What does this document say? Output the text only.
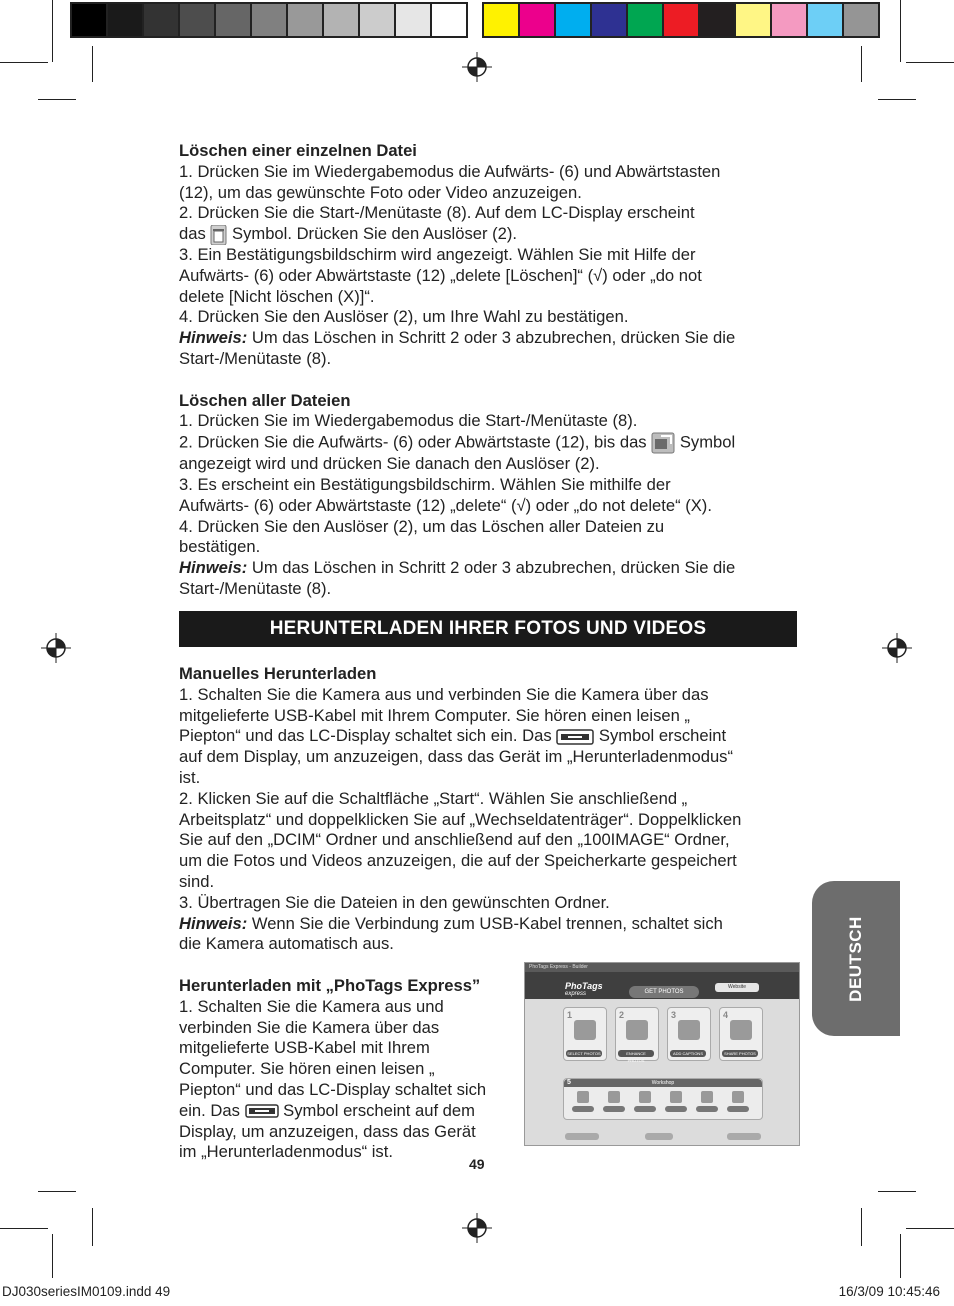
Löschen einer einzelnen Datei

1. Drücken Sie im Wiedergabemodus die Aufwärts- (6) und Abwärtstasten

(12), um das gewünschte Foto oder Video anzuzeigen.

2. Drücken Sie die Start-/Menütaste (8). Auf dem LC-Display erscheint

das Symbol. Drücken Sie den Auslöser (2).

3. Ein Bestätigungsbildschirm wird angezeigt. Wählen Sie mit Hilfe der

Aufwärts- (6) oder Abwärtstaste (12) „delete [Löschen]“ (√) oder „do not

delete [Nicht löschen (X)]“.

4. Drücken Sie den Auslöser (2), um Ihre Wahl zu bestätigen.

Hinweis: Um das Löschen in Schritt 2 oder 3 abzubrechen, drücken Sie die

Start-/Menütaste (8).

Löschen aller Dateien

1. Drücken Sie im Wiedergabemodus die Start-/Menütaste (8).

2. Drücken Sie die Aufwärts- (6) oder Abwärtstaste (12), bis das Symbol

angezeigt wird und drücken Sie danach den Auslöser (2).

3. Es erscheint ein Bestätigungsbildschirm. Wählen Sie mithilfe der

Aufwärts- (6) oder Abwärtstaste (12) „delete“ (√) oder „do not delete“ (X).

4. Drücken Sie den Auslöser (2), um das Löschen aller Dateien zu

bestätigen.

Hinweis: Um das Löschen in Schritt 2 oder 3 abzubrechen, drücken Sie die

Start-/Menütaste (8).

HERUNTERLADEN IHRER FOTOS UND VIDEOS
Manuelles Herunterladen

1. Schalten Sie die Kamera aus und verbinden Sie die Kamera über das

mitgelieferte USB-Kabel mit Ihrem Computer. Sie hören einen leisen „

Piepton“ und das LC-Display schaltet sich ein. Das	Symbol erscheint

auf dem Display, um anzuzeigen, dass das Gerät im „Herunterladenmodus“

ist.

2. Klicken Sie auf die Schaltfläche „Start“. Wählen Sie anschließend „

Arbeitsplatz“ und doppelklicken Sie auf „Wechseldatenträger“. Doppelklicken

Sie auf den „DCIM“ Ordner und anschließend auf den „100IMAGE“ Ordner,

um die Fotos und Videos anzuzeigen, die auf der Speicherkarte gespeichert

sind.

3. Übertragen Sie die Dateien in den gewünschten Ordner.

Hinweis: Wenn Sie die Verbindung zum USB-Kabel trennen, schaltet sich

die Kamera automatisch aus.

Herunterladen mit „PhoTags Express”

1. Schalten Sie die Kamera aus und

verbinden Sie die Kamera über das

mitgelieferte USB-Kabel mit Ihrem

Computer. Sie hören einen leisen „

Piepton“ und das LC-Display schaltet sich

ein. Das	Symbol erscheint auf dem

Display, um anzuzeigen, dass das Gerät

im „Herunterladenmodus“ ist.

PhoTags Express - Builder
PhoTags
express	GET PHOTOS
Website
1
SELECT PHOTOS
2
ENHANCE PHOTOS
3
ADD CAPTIONS
4
SHARE PHOTOS
Workshop
5
DEUTSCH
49
DJ030seriesIM0109.indd 49	16/3/09 10:45:46
